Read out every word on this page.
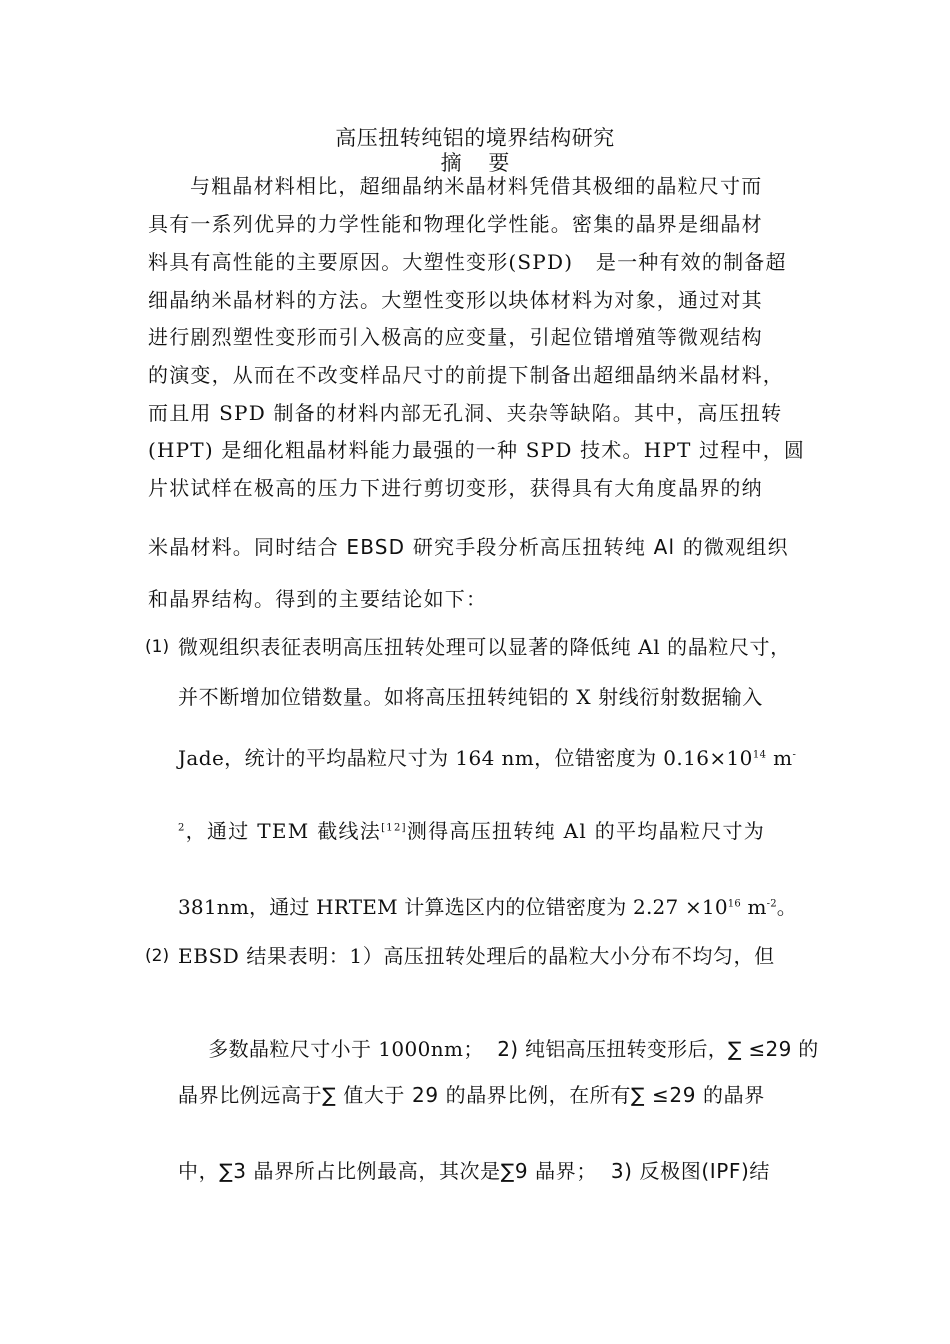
高压扭转纯铝的境界结构研究
摘    要
与粗晶材料相比，超细晶纳米晶材料凭借其极细的晶粒尺寸而
具有一系列优异的力学性能和物理化学性能。密集的晶界是细晶材
料具有高性能的主要原因。大塑性变形(SPD)   是一种有效的制备超
细晶纳米晶材料的方法。大塑性变形以块体材料为对象，通过对其
进行剧烈塑性变形而引入极高的应变量，引起位错增殖等微观结构
的演变，从而在不改变样品尺寸的前提下制备出超细晶纳米晶材料，
而且用 SPD 制备的材料内部无孔洞、夹杂等缺陷。其中，高压扭转
(HPT) 是细化粗晶材料能力最强的一种 SPD 技术。HPT 过程中，圆
片状试样在极高的压力下进行剪切变形，获得具有大角度晶界的纳
米晶材料。同时结合 EBSD 研究手段分析高压扭转纯 Al 的微观组织
和晶界结构。得到的主要结论如下：
(1) 微观组织表征表明高压扭转处理可以显著的降低纯 Al 的晶粒尺寸，
并不断增加位错数量。如将高压扭转纯铝的 X 射线衍射数据输入
Jade，统计的平均晶粒尺寸为 164 nm，位错密度为 $0.16\times 10^{14}$ m-
$^2$，通过 TEM 截线法[12]测得高压扭转纯 Al 的平均晶粒尺寸为
381nm，通过 HRTEM 计算选区内的位错密度为 $2.27 \times 10^{16}$ $m^{-2}$。
(2) EBSD 结果表明：1）高压扭转处理后的晶粒大小分布不均匀，但

多数晶粒尺寸小于 1000nm；  2) 纯铝高压扭转变形后，∑ ≤29 的

晶界比例远高于∑ 值大于 29 的晶界比例，在所有∑ ≤29 的晶界
中，∑3 晶界所占比例最高，其次是∑9 晶界；  3) 反极图(IPF)结
